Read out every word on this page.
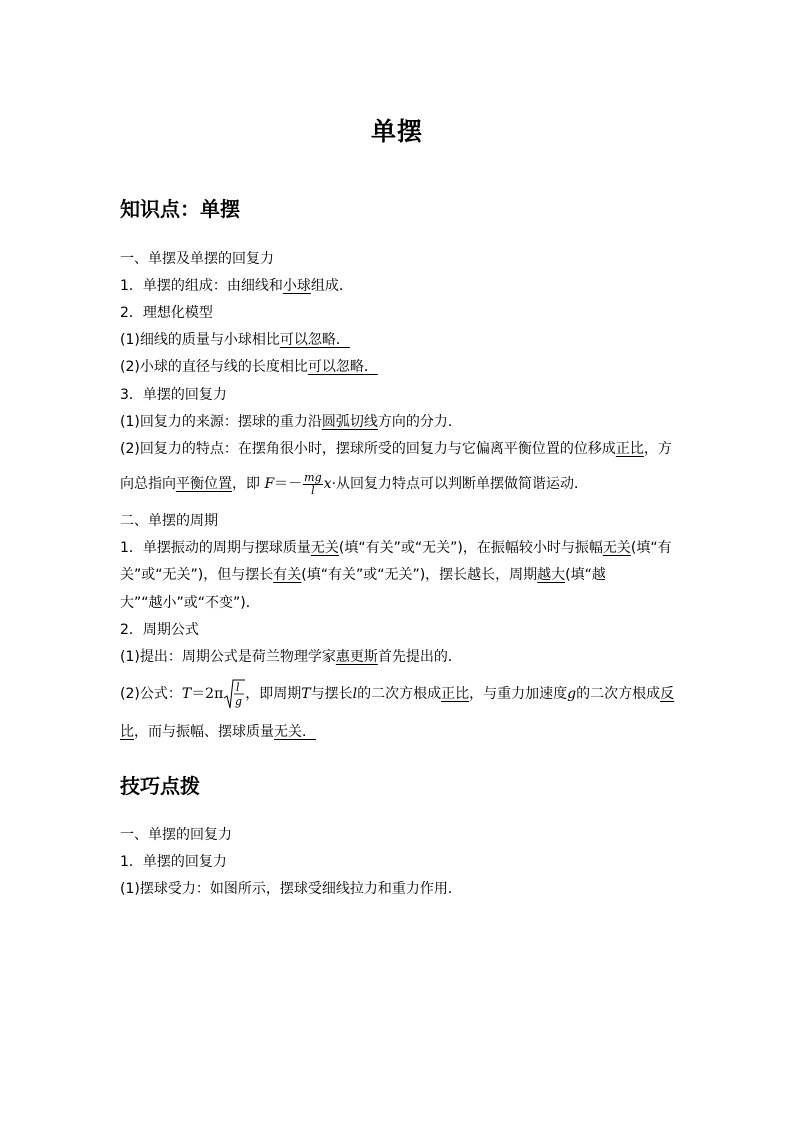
单摆
知识点：单摆
一、单摆及单摆的回复力
1．单摆的组成：由细线和小球组成．
2．理想化模型
(1)细线的质量与小球相比可以忽略．
(2)小球的直径与线的长度相比可以忽略．
3．单摆的回复力
(1)回复力的来源：摆球的重力沿圆弧切线方向的分力．
(2)回复力的特点：在摆角很小时，摆球所受的回复力与它偏离平衡位置的位移成正比，方
向总指向平衡位置，即 $F=- \frac{mg}{l} x\cdot$从回复力特点可以判断单摆做简谐运动．
二、单摆的周期
1．单摆振动的周期与摆球质量无关(填“有关”或“无关”)，在振幅较小时与振幅无关(填“有
关”或“无关”)，但与摆长有关(填“有关”或“无关”)，摆长越长，周期越大(填“越
大”“越小”或“不变”)．
2．周期公式
(1)提出：周期公式是荷兰物理学家惠更斯首先提出的．
(2)公式：T＝2π l
g ，即周期T与摆长l的二次方根成正比，与重力加速度g的二次方根成反
比，而与振幅、摆球质量无关．
技巧点拨
一、单摆的回复力
1．单摆的回复力
(1)摆球受力：如图所示，摆球受细线拉力和重力作用．
